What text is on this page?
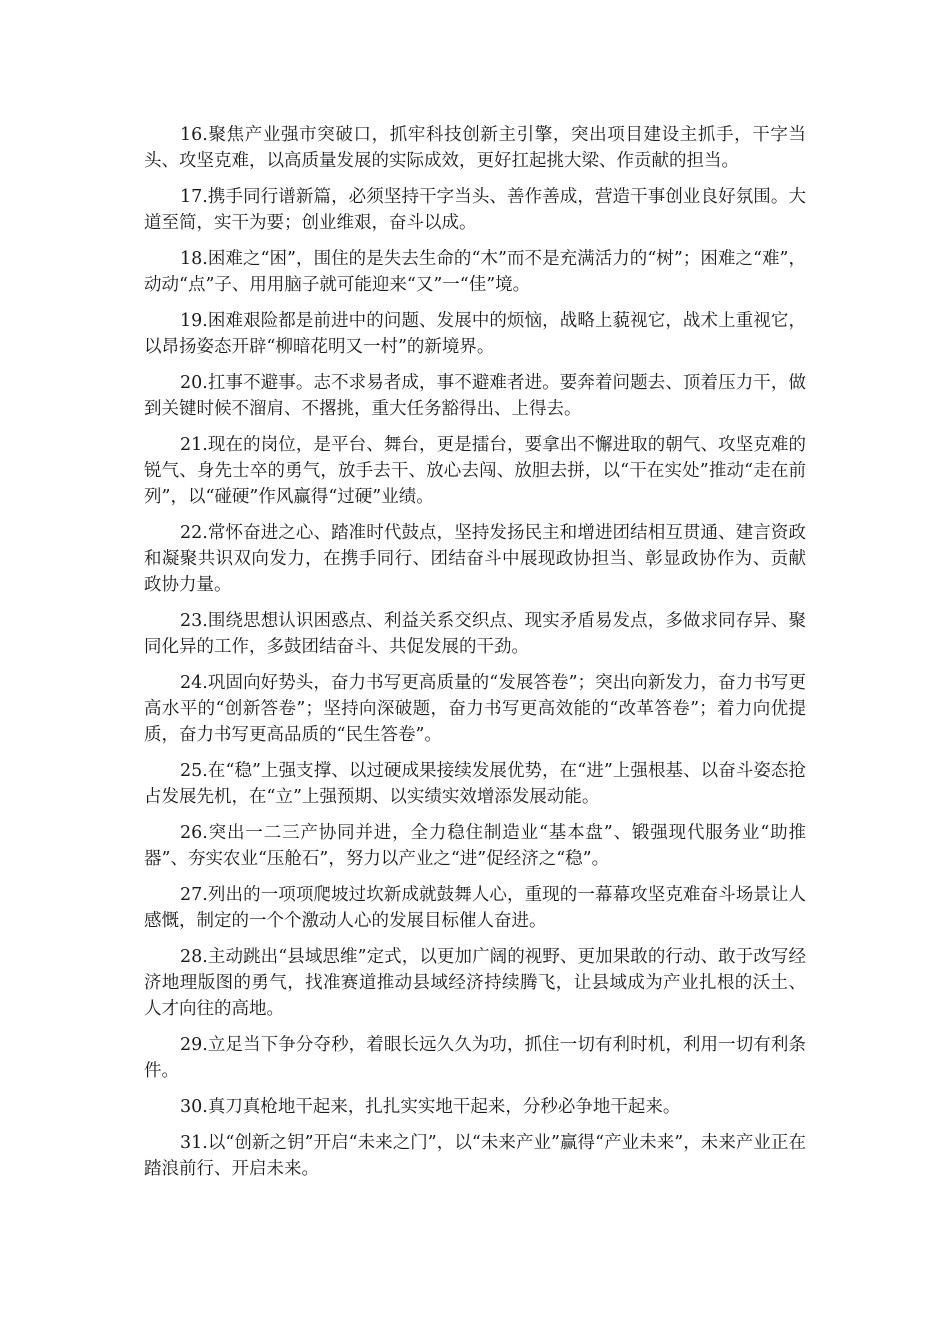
16.聚焦产业强市突破口，抓牢科技创新主引擎，突出项目建设主抓手，干字当头、攻坚克难，以高质量发展的实际成效，更好扛起挑大梁、作贡献的担当。

17.携手同行谱新篇，必须坚持干字当头、善作善成，营造干事创业良好氛围。大道至简，实干为要；创业维艰，奋斗以成。

18.困难之“困”，围住的是失去生命的“木”而不是充满活力的“树”；困难之“难”，动动“点”子、用用脑子就可能迎来“又”一“佳”境。

19.困难艰险都是前进中的问题、发展中的烦恼，战略上藐视它，战术上重视它，以昂扬姿态开辟“柳暗花明又一村”的新境界。

20.扛事不避事。志不求易者成，事不避难者进。要奔着问题去、顶着压力干，做到关键时候不溜肩、不撂挑，重大任务豁得出、上得去。

21.现在的岗位，是平台、舞台，更是擂台，要拿出不懈进取的朝气、攻坚克难的锐气、身先士卒的勇气，放手去干、放心去闯、放胆去拼，以“干在实处”推动“走在前列”，以“碰硬”作风赢得“过硬”业绩。

22.常怀奋进之心、踏准时代鼓点，坚持发扬民主和增进团结相互贯通、建言资政和凝聚共识双向发力，在携手同行、团结奋斗中展现政协担当、彰显政协作为、贡献政协力量。

23.围绕思想认识困惑点、利益关系交织点、现实矛盾易发点，多做求同存异、聚同化异的工作，多鼓团结奋斗、共促发展的干劲。

24.巩固向好势头，奋力书写更高质量的“发展答卷”；突出向新发力，奋力书写更高水平的“创新答卷”；坚持向深破题，奋力书写更高效能的“改革答卷”；着力向优提质，奋力书写更高品质的“民生答卷”。

25.在“稳”上强支撑、以过硬成果接续发展优势，在“进”上强根基、以奋斗姿态抢占发展先机，在“立”上强预期、以实绩实效增添发展动能。

26.突出一二三产协同并进，全力稳住制造业“基本盘”、锻强现代服务业“助推器”、夯实农业“压舱石”，努力以产业之“进”促经济之“稳”。

27.列出的一项项爬坡过坎新成就鼓舞人心，重现的一幕幕攻坚克难奋斗场景让人感慨，制定的一个个激动人心的发展目标催人奋进。

28.主动跳出“县域思维”定式，以更加广阔的视野、更加果敢的行动、敢于改写经济地理版图的勇气，找准赛道推动县域经济持续腾飞，让县域成为产业扎根的沃土、人才向往的高地。

29.立足当下争分夺秒，着眼长远久久为功，抓住一切有利时机，利用一切有利条件。

30.真刀真枪地干起来，扎扎实实地干起来，分秒必争地干起来。

31.以“创新之钥”开启“未来之门”，以“未来产业”赢得“产业未来”，未来产业正在踏浪前行、开启未来。
